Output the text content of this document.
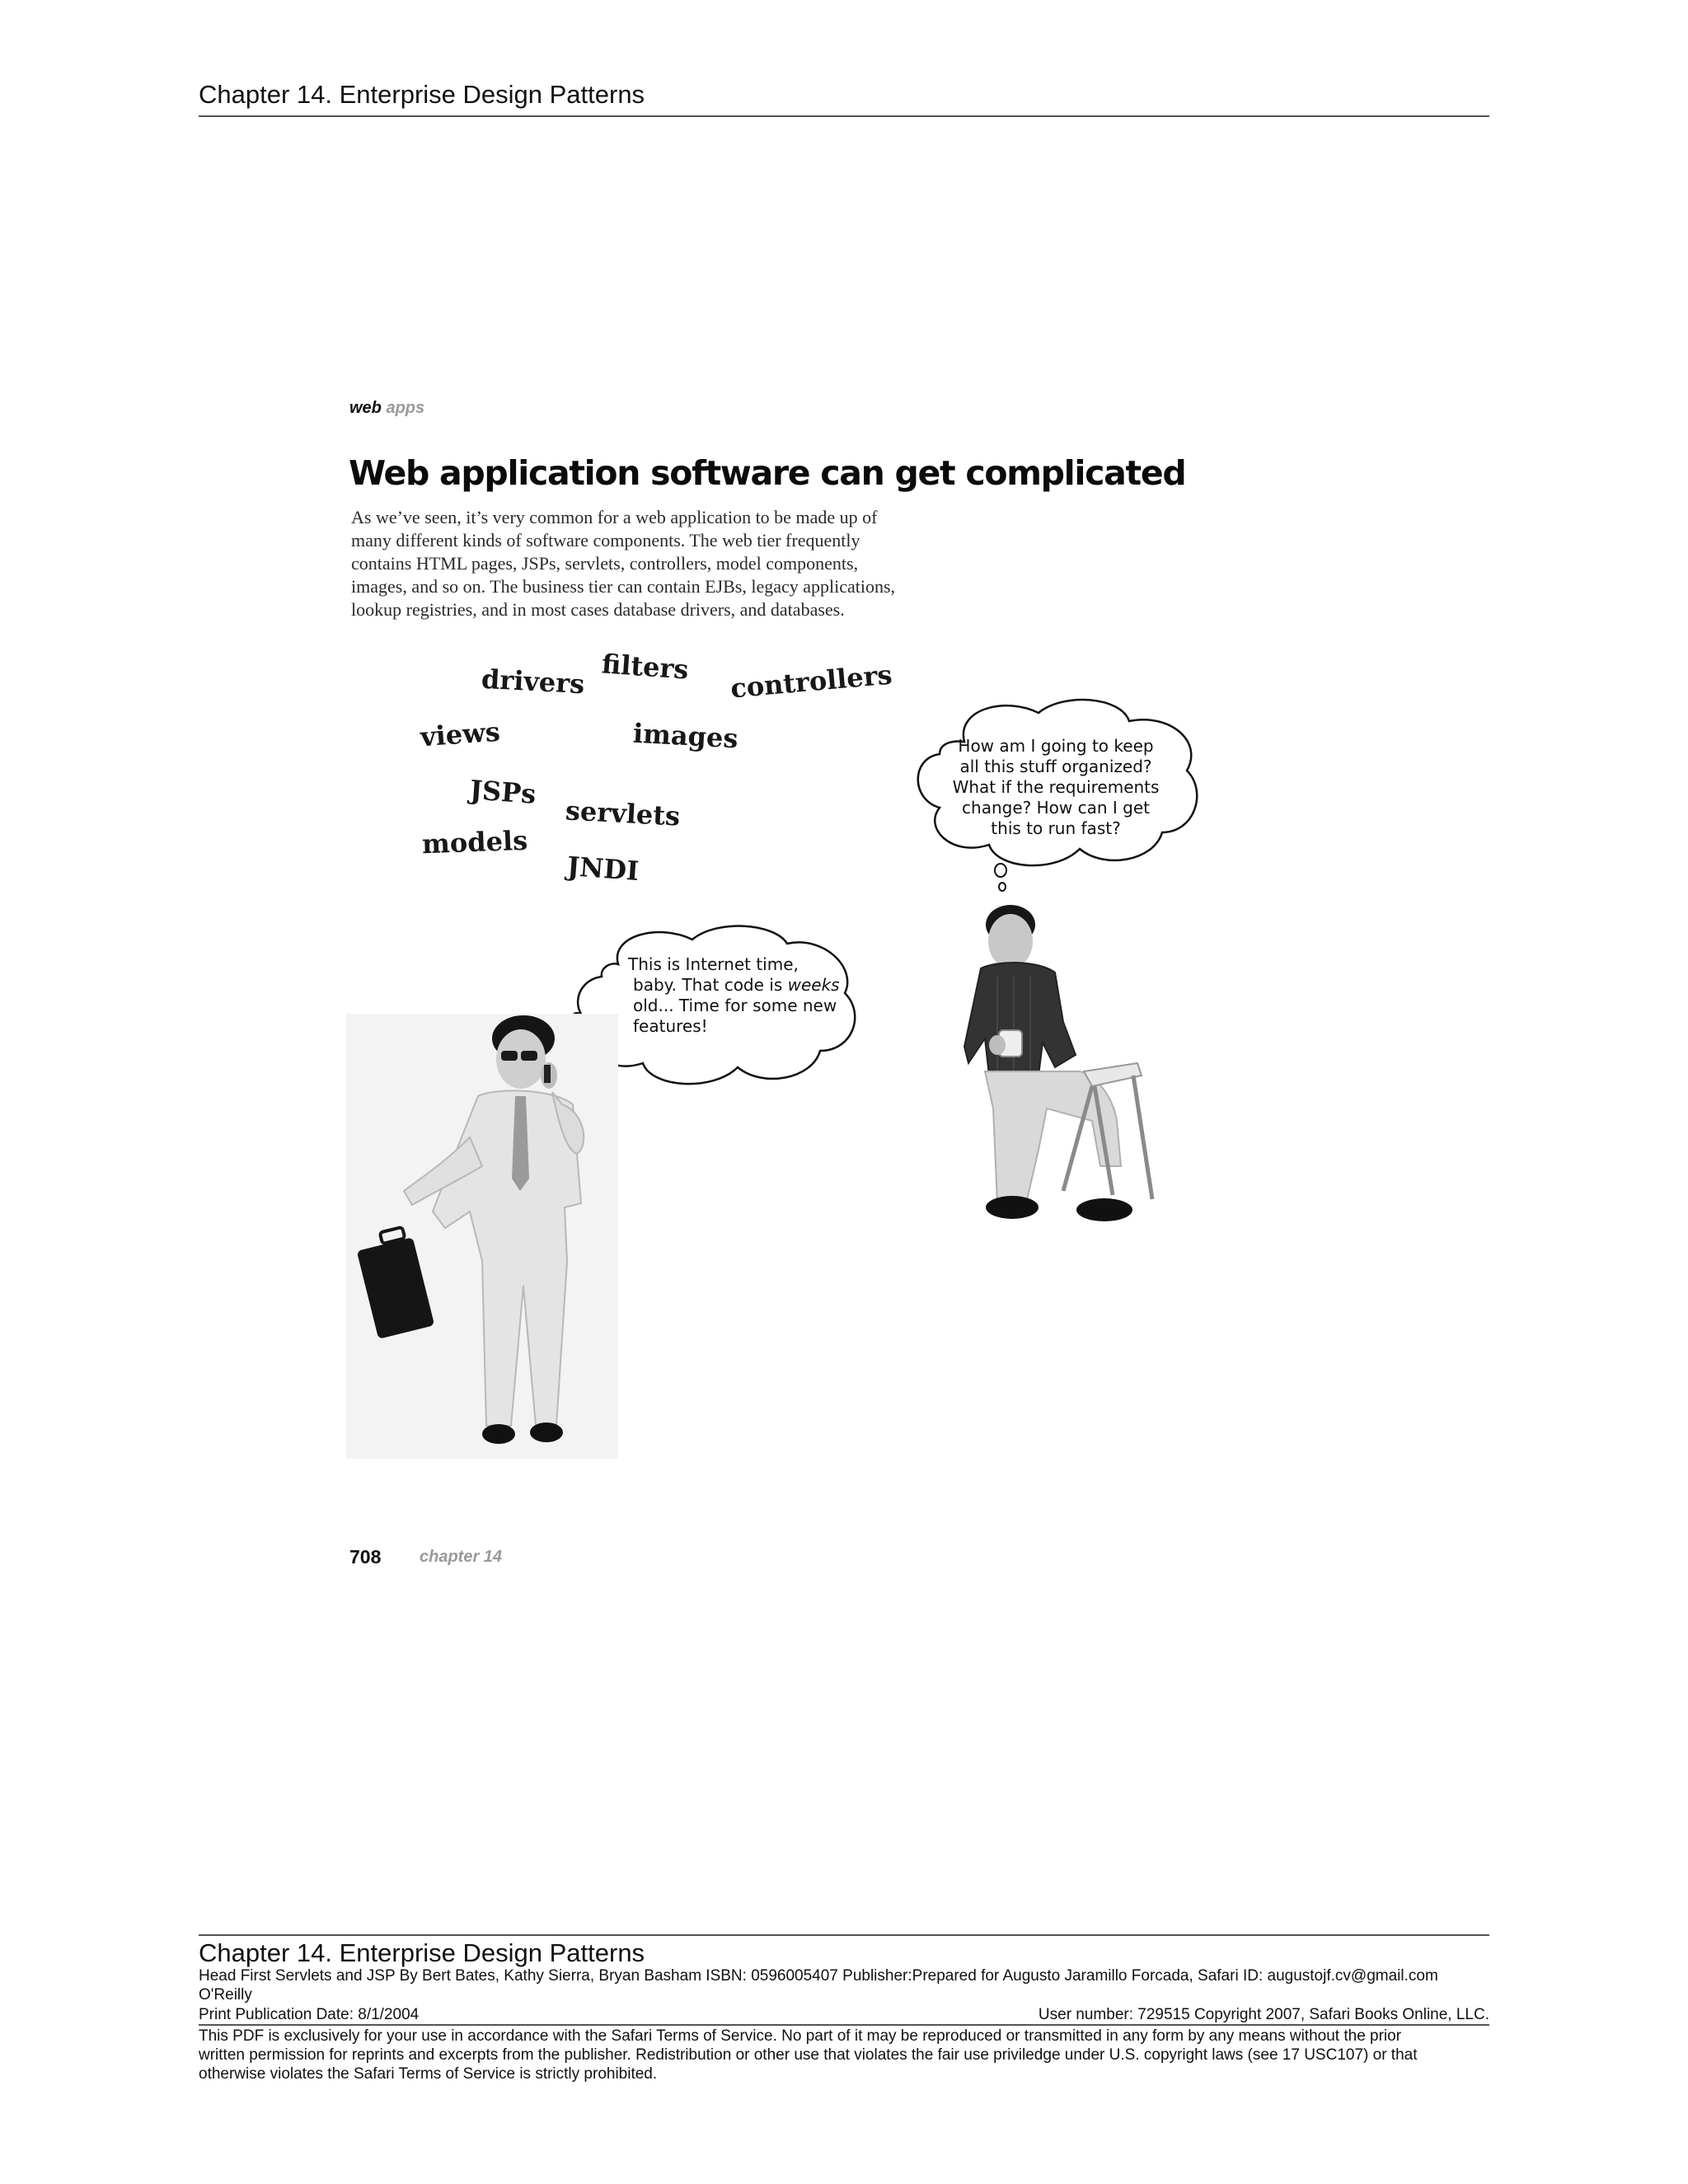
Chapter 14. Enterprise Design Patterns
web apps
Web application software can get complicated

As we’ve seen, it’s very common for a web application to be made up of
many different kinds of software components. The web tier frequently
contains HTML pages, JSPs, servlets, controllers, model components,
images, and so on. The business tier can contain EJBs, legacy applications,
lookup registries, and in most cases database drivers, and databases.

drivers filters controllers
views	images
JSPs
servlets
models
JNDI
How am I going to keep
all this stuff organized?
What if the requirements
change? How can I get
this to run fast?
This is Internet time,
baby. That code is weeks
old... Time for some new
features!
708 chapter 14
Chapter 14. Enterprise Design Patterns
Head First Servlets and JSP By Bert Bates, Kathy Sierra, Bryan Basham ISBN: 0596005407 Publisher:Prepared for Augusto Jaramillo Forcada, Safari ID: augustojf.cv@gmail.com
O'Reilly
Print Publication Date: 8/1/2004	User number: 729515 Copyright 2007, Safari Books Online, LLC.

This PDF is exclusively for your use in accordance with the Safari Terms of Service. No part of it may be reproduced or transmitted in any form by any means without the prior
written permission for reprints and excerpts from the publisher. Redistribution or other use that violates the fair use priviledge under U.S. copyright laws (see 17 USC107) or that
otherwise violates the Safari Terms of Service is strictly prohibited.
